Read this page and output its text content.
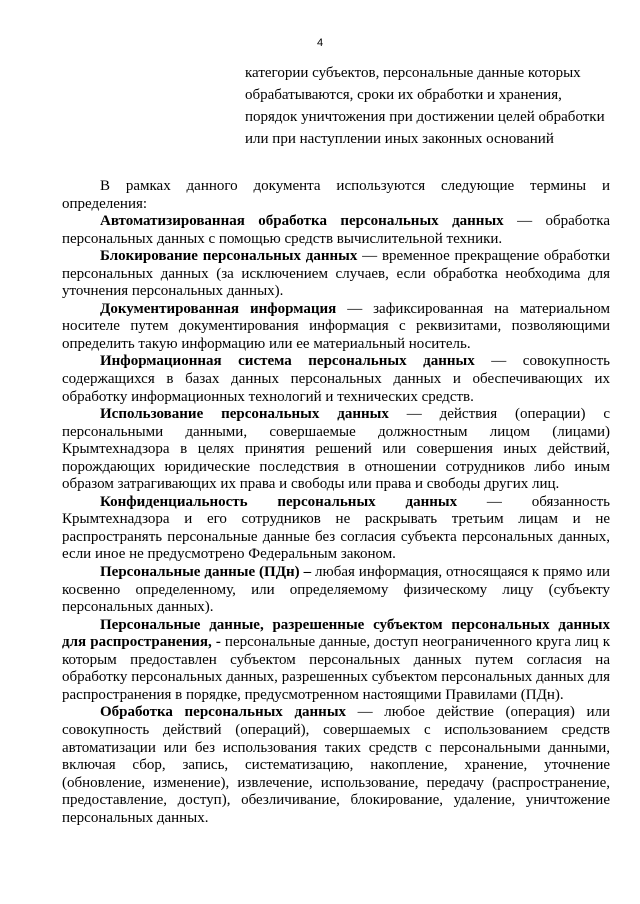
4
категории субъектов, персональные данные которых
обрабатываются, сроки их обработки и хранения,
порядок уничтожения при достижении целей обработки
или при наступлении иных законных оснований

В рамках данного документа используются следующие термины и определения:

Автоматизированная обработка персональных данных — обработка персональных данных с помощью средств вычислительной техники.

Блокирование персональных данных — временное прекращение обработки персональных данных (за исключением случаев, если обработка необходима для уточнения персональных данных).

Документированная информация — зафиксированная на материальном носителе путем документирования информация с реквизитами, позволяющими определить такую информацию или ее материальный носитель.

Информационная система персональных данных — совокупность содержащихся в базах данных персональных данных и обеспечивающих их обработку информационных технологий и технических средств.

Использование персональных данных — действия (операции) с персональными данными, совершаемые должностным лицом (лицами) Крымтехнадзора в целях принятия решений или совершения иных действий, порождающих юридические последствия в отношении сотрудников либо иным образом затрагивающих их права и свободы или права и свободы других лиц.

Конфиденциальность персональных данных — обязанность Крымтехнадзора и его сотрудников не раскрывать третьим лицам и не распространять персональные данные без согласия субъекта персональных данных, если иное не предусмотрено Федеральным законом.

Персональные данные (ПДн) – любая информация, относящаяся к прямо или косвенно определенному, или определяемому физическому лицу (субъекту персональных данных).

Персональные данные, разрешенные субъектом персональных данных для распространения, - персональные данные, доступ неограниченного круга лиц к которым предоставлен субъектом персональных данных путем согласия на обработку персональных данных, разрешенных субъектом персональных данных для распространения в порядке, предусмотренном настоящими Правилами (ПДн).

Обработка персональных данных — любое действие (операция) или совокупность действий (операций), совершаемых с использованием средств автоматизации или без использования таких средств с персональными данными, включая сбор, запись, систематизацию, накопление, хранение, уточнение (обновление, изменение), извлечение, использование, передачу (распространение, предоставление, доступ), обезличивание, блокирование, удаление, уничтожение персональных данных.
